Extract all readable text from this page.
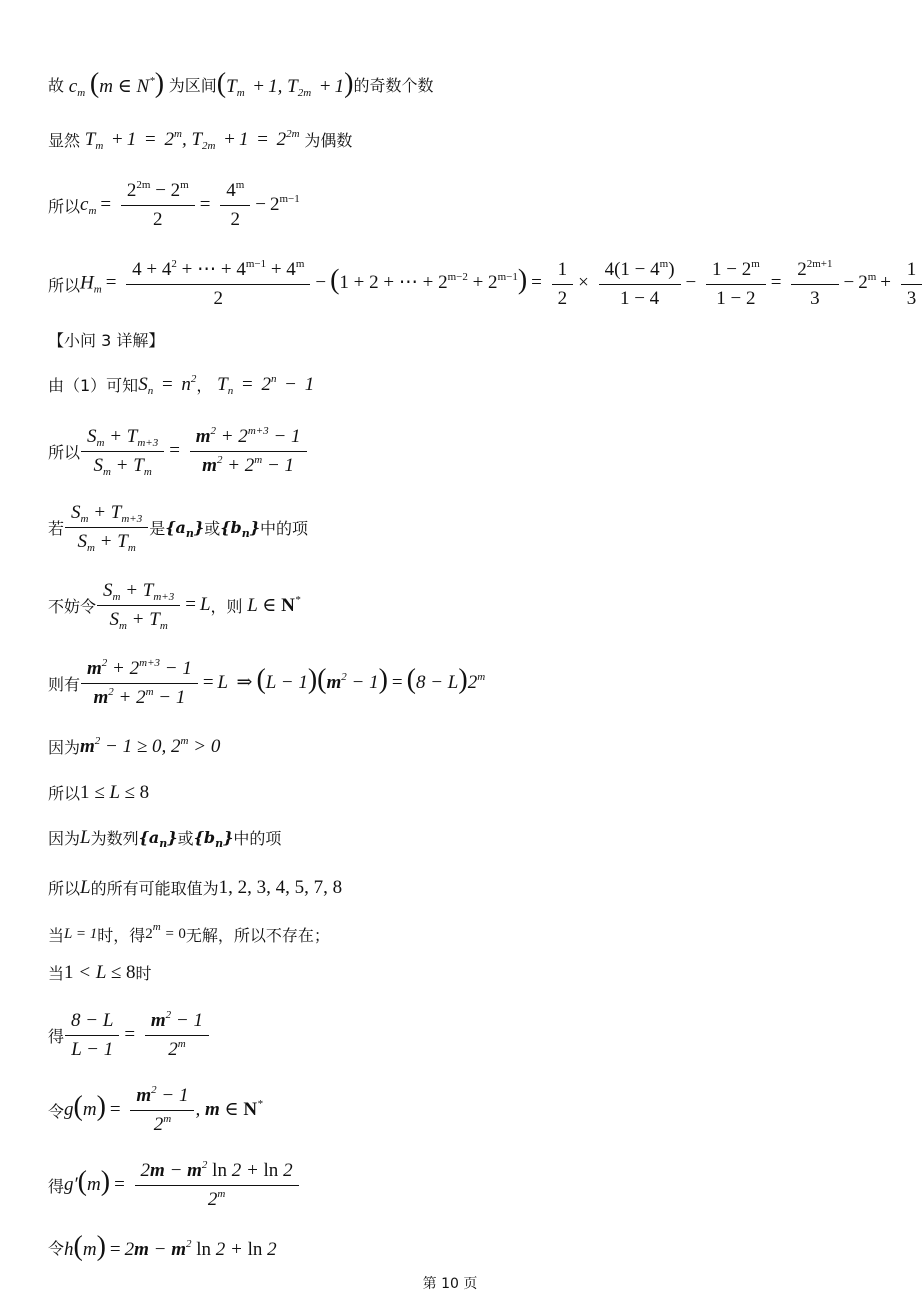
故 $c_m$ (m ∈ N*) 为区间 ($T_m + 1$, $T_{2m} + 1$) 的奇数个数
显然 $T_m + 1 = 2^m$, $T_{2m} + 1 = 2^{2m}$ 为偶数
所以 $c_m = \frac{2^{2m} - 2^m}{2} = \frac{4^m}{2} - 2^{m-1}$
所以 $H_m = \frac{4 + 4^2 + \cdots + 4^{m-1} + 4^m}{2} - (1 + 2$ + ⋯ + $2^{m-2} + 2^{m-1}) = \frac{1}{2} \times \frac{4(1 - 4^m)}{1 - 4} - \frac{1 - 2^m}{1 - 2} = \frac{2^{2m+1}}{3} - 2^m + \frac{1}{3}$
【小问 3 详解】
由（1）可知 $S_n = n^2$ ， $T_n = 2^n - 1$
所以 $\frac{S_m + T_{m+3}}{S_m + T_m} = \frac{m^2 + 2^{m+3} - 1}{m^2 + 2^m - 1}$
若 $\frac{S_m + T_{m+3}}{S_m + T_m}$ 是 $\{a_n\}$ 或 $\{b_n\}$ 中的项
不妨令 $\frac{S_m + T_{m+3}}{S_m + T_m} = L$ ，则 L ∈ N*
则有 $\frac{m^2 + 2^{m+3} - 1}{m^2 + 2^m - 1} = L$ ⇒ $(L - 1)(m^2 - 1) = (8 - L)2^m$
因为 $m^2 - 1 \ge 0$, $2^m > 0$
所以 1 ≤ L ≤ 8
因为 L 为数列 $\{a_n\}$ 或 $\{b_n\}$ 中的项
所以 L 的所有可能取值为 1, 2, 3, 4, 5, 7, 8
当 L = 1 时，得 $2^m = 0$ 无解，所以不存在；
当 1 < L ≤ 8 时
得 $\frac{8 - L}{L - 1} = \frac{m^2 - 1}{2^m}$
令 $g(m) = \frac{m^2 - 1}{2^m}$ , m ∈ N*
得 $g'(m) = \frac{2m - m^2 \ln 2 + \ln 2}{2^m}$
令 $h(m) = 2m - m^2$ ln 2 + ln 2
第 10 页
